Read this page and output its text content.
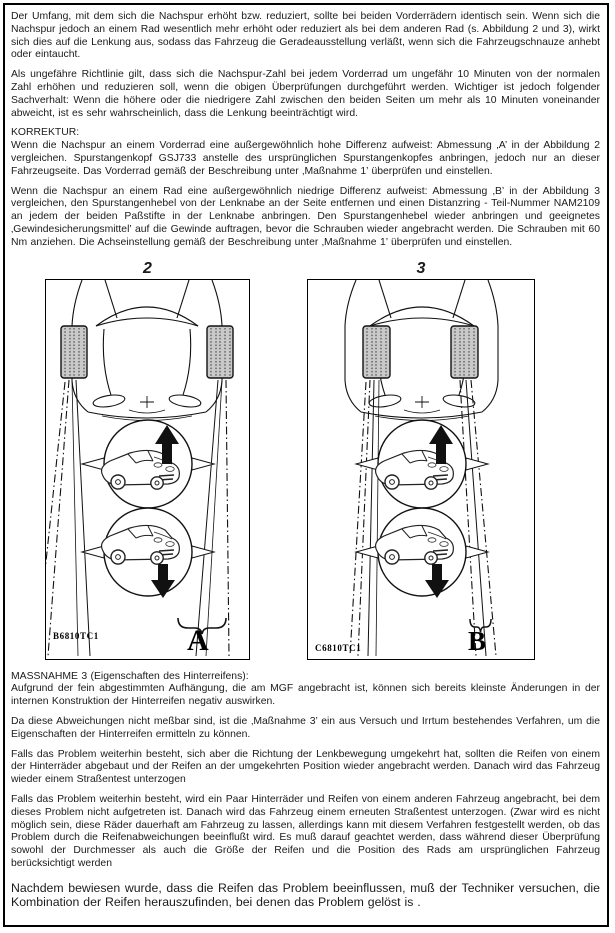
Der Umfang, mit dem sich die Nachspur erhöht bzw. reduziert, sollte bei beiden Vorderrädern identisch sein. Wenn sich die Nachspur jedoch an einem Rad wesentlich mehr erhöht oder reduziert als bei dem anderen Rad (s. Abbildung 2 und 3), wirkt sich dies auf die Lenkung aus, sodass das Fahrzeug die Geradeausstellung verläßt, wenn sich die Fahrzeugschnauze anhebt oder eintaucht.

Als ungefähre Richtlinie gilt, dass sich die Nachspur-Zahl bei jedem Vorderrad um ungefähr 10 Minuten von der normalen Zahl erhöhen und reduzieren soll, wenn die obigen Überprüfungen durchgeführt werden. Wichtiger ist jedoch folgender Sachverhalt: Wenn die höhere oder die niedrigere Zahl zwischen den beiden Seiten um mehr als 10 Minuten voneinander abweicht, ist es sehr wahrscheinlich, dass die Lenkung beeinträchtigt wird.

KORREKTUR:

Wenn die Nachspur an einem Vorderrad eine außergewöhnlich hohe Differenz aufweist: Abmessung ‚A’ in der Abbildung 2 vergleichen. Spurstangenkopf GSJ733 anstelle des ursprünglichen Spurstangenkopfes anbringen, jedoch nur an dieser Fahrzeugseite. Das Vorderrad gemäß der Beschreibung unter ‚Maßnahme 1’ überprüfen und einstellen.

Wenn die Nachspur an einem Rad eine außergewöhnlich niedrige Differenz aufweist: Abmessung ‚B’ in der Abbildung 3 vergleichen, den Spurstangenhebel von der Lenknabe an der Seite entfernen und einen Distanzring - Teil-Nummer NAM2109 an jedem der beiden Paßstifte in der Lenknabe anbringen. Den Spurstangenhebel wieder anbringen und geeignetes ‚Gewindesicherungsmittel’ auf die Gewinde auftragen, bevor die Schrauben wieder angebracht werden. Die Schrauben mit 60 Nm anziehen. Die Achseinstellung gemäß der Beschreibung unter ‚Maßnahme 1’ überprüfen und einstellen.

2
B6810TC1	A
3
C6810TC1	B

MASSNAHME 3 (Eigenschaften des Hinterreifens):

Aufgrund der fein abgestimmten Aufhängung, die am MGF angebracht ist, können sich bereits kleinste Änderungen in der internen Konstruktion der Hinterreifen negativ auswirken.

Da diese Abweichungen nicht meßbar sind, ist die ‚Maßnahme 3’ ein aus Versuch und Irrtum bestehendes Verfahren, um die Eigenschaften der Hinterreifen ermitteln zu können.

Falls das Problem weiterhin besteht, sich aber die Richtung der Lenkbewegung umgekehrt hat, sollten die Reifen von einem der Hinterräder abgebaut und der Reifen an der umgekehrten Position wieder angebracht werden. Danach wird das Fahrzeug wieder einem Straßentest unterzogen

Falls das Problem weiterhin besteht, wird ein Paar Hinterräder und Reifen von einem anderen Fahrzeug angebracht, bei dem dieses Problem nicht aufgetreten ist. Danach wird das Fahrzeug einem erneuten Straßentest unterzogen. (Zwar wird es nicht möglich sein, diese Räder dauerhaft am Fahrzeug zu lassen, allerdings kann mit diesem Verfahren festgestellt werden, ob das Problem durch die Reifenabweichungen beeinflußt wird. Es muß darauf geachtet werden, dass während dieser Überprüfung sowohl der Durchmesser als auch die Größe der Reifen und die Position des Rads am ursprünglichen Fahrzeug berücksichtigt werden

Nachdem bewiesen wurde, dass die Reifen das Problem beeinflussen, muß der Techniker versuchen, die Kombination der Reifen herauszufinden, bei denen das Problem gelöst is .
